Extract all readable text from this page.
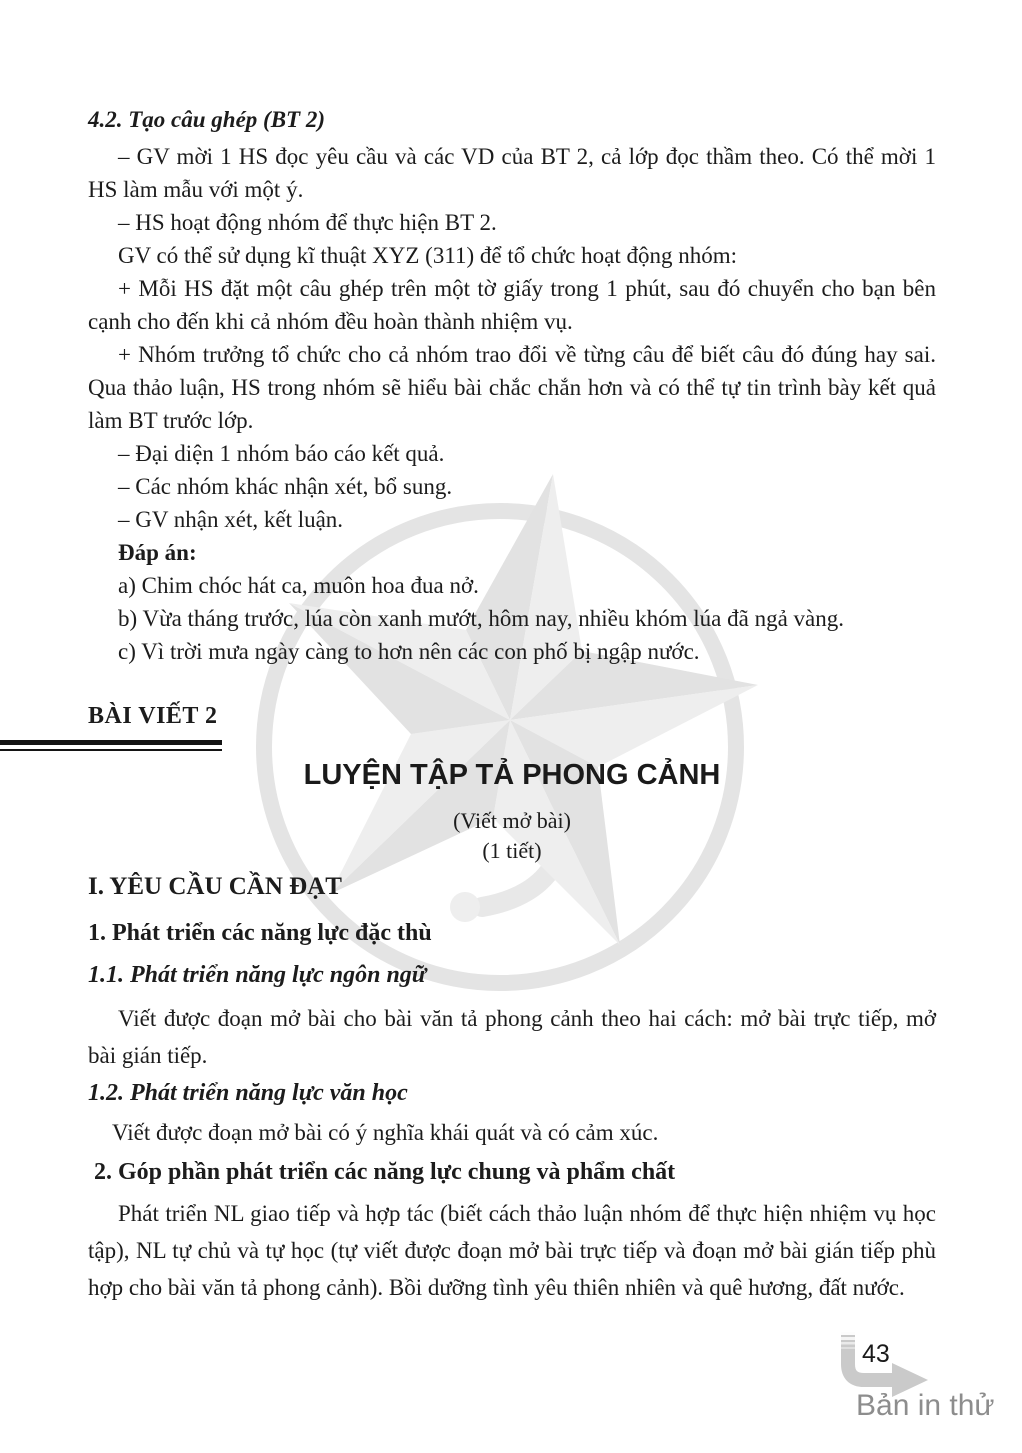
4.2. Tạo câu ghép (BT 2)

– GV mời 1 HS đọc yêu cầu và các VD của BT 2, cả lớp đọc thầm theo. Có thể mời 1 HS làm mẫu với một ý.

– HS hoạt động nhóm để thực hiện BT 2.

GV có thể sử dụng kĩ thuật XYZ (311) để tổ chức hoạt động nhóm:

+ Mỗi HS đặt một câu ghép trên một tờ giấy trong 1 phút, sau đó chuyển cho bạn bên cạnh cho đến khi cả nhóm đều hoàn thành nhiệm vụ.

+ Nhóm trưởng tổ chức cho cả nhóm trao đổi về từng câu để biết câu đó đúng hay sai. Qua thảo luận, HS trong nhóm sẽ hiểu bài chắc chắn hơn và có thể tự tin trình bày kết quả làm BT trước lớp.

– Đại diện 1 nhóm báo cáo kết quả.

– Các nhóm khác nhận xét, bổ sung.

– GV nhận xét, kết luận.

Đáp án:

a) Chim chóc hát ca, muôn hoa đua nở.

b) Vừa tháng trước, lúa còn xanh mướt, hôm nay, nhiều khóm lúa đã ngả vàng.

c) Vì trời mưa ngày càng to hơn nên các con phố bị ngập nước.

BÀI VIẾT 2
LUYỆN TẬP TẢ PHONG CẢNH

(Viết mở bài)

(1 tiết)

I. YÊU CẦU CẦN ĐẠT
1. Phát triển các năng lực đặc thù
1.1. Phát triển năng lực ngôn ngữ

Viết được đoạn mở bài cho bài văn tả phong cảnh theo hai cách: mở bài trực tiếp, mở bài gián tiếp.

1.2. Phát triển năng lực văn học

Viết được đoạn mở bài có ý nghĩa khái quát và có cảm xúc.

2. Góp phần phát triển các năng lực chung và phẩm chất

Phát triển NL giao tiếp và hợp tác (biết cách thảo luận nhóm để thực hiện nhiệm vụ học tập), NL tự chủ và tự học (tự viết được đoạn mở bài trực tiếp và đoạn mở bài gián tiếp phù hợp cho bài văn tả phong cảnh). Bồi dưỡng tình yêu thiên nhiên và quê hương, đất nước.

43
Bản in thử
